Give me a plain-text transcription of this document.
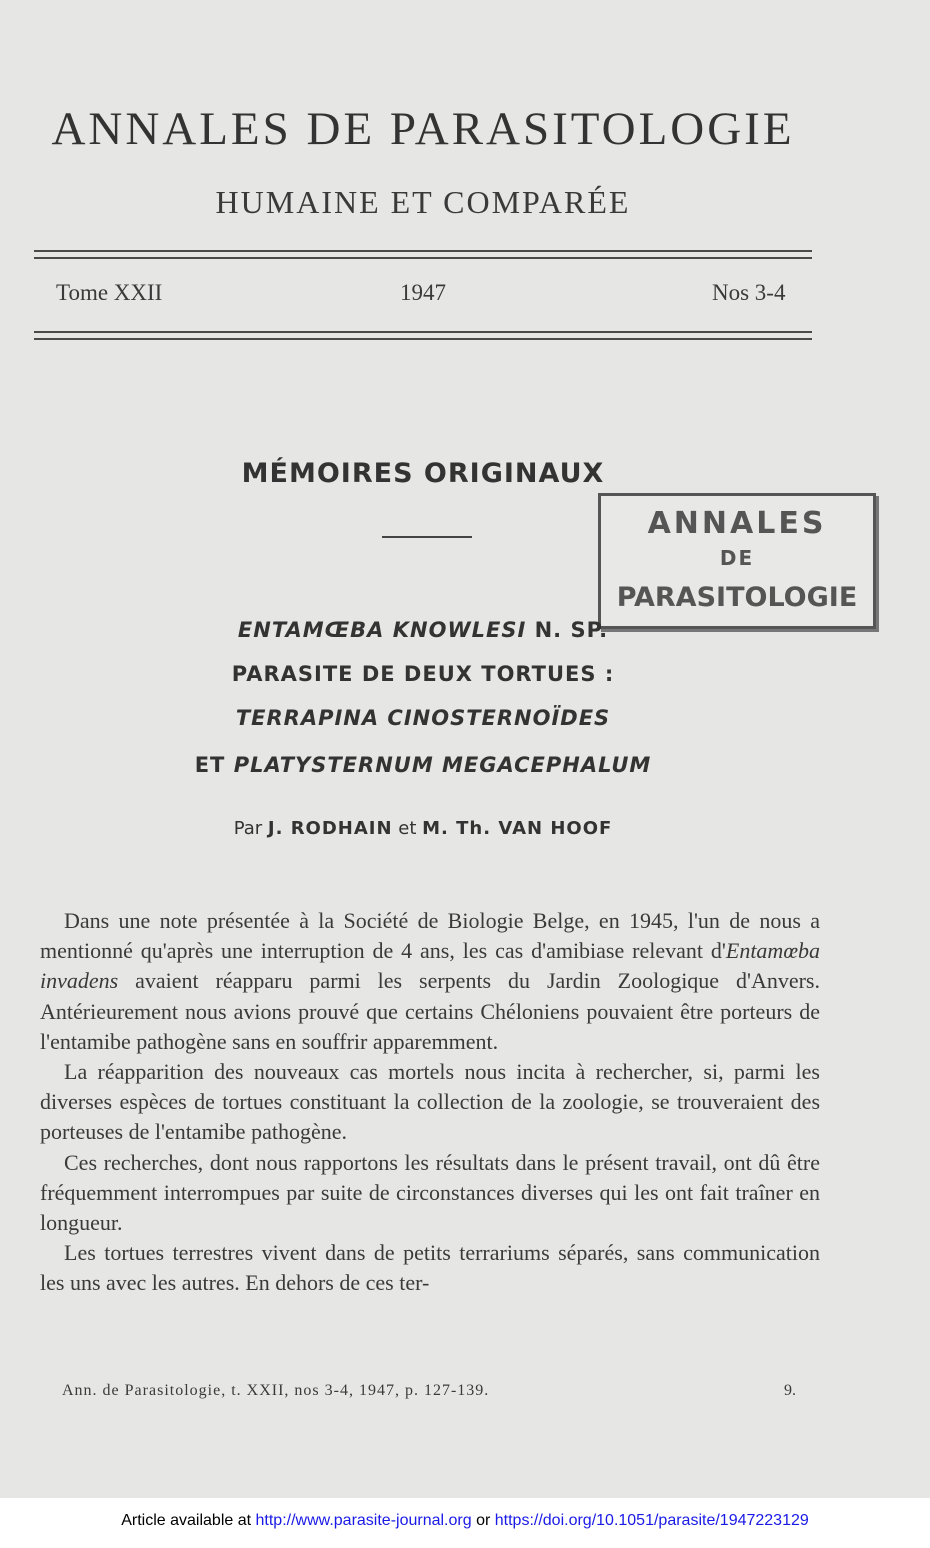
ANNALES DE PARASITOLOGIE
HUMAINE ET COMPARÉE
Tome XXII	1947	Nos 3-4
MÉMOIRES ORIGINAUX
ANNALES
DE
PARASITOLOGIE
ENTAMŒBA KNOWLESI N. SP.
PARASITE DE DEUX TORTUES :
TERRAPINA CINOSTERNOÏDES
ET PLATYSTERNUM MEGACEPHALUM
Par J. RODHAIN et M. Th. VAN HOOF

Dans une note présentée à la Société de Biologie Belge, en 1945, l'un de nous a mentionné qu'après une interruption de 4 ans, les cas d'amibiase relevant d'Entamœba invadens avaient réapparu parmi les serpents du Jardin Zoologique d'Anvers. Antérieurement nous avions prouvé que certains Chéloniens pouvaient être porteurs de l'entamibe pathogène sans en souffrir apparemment.

La réapparition des nouveaux cas mortels nous incita à rechercher, si, parmi les diverses espèces de tortues constituant la collection de la zoologie, se trouveraient des porteuses de l'entamibe pathogène.

Ces recherches, dont nous rapportons les résultats dans le présent travail, ont dû être fréquemment interrompues par suite de circonstances diverses qui les ont fait traîner en longueur.

Les tortues terrestres vivent dans de petits terrariums séparés, sans communication les uns avec les autres. En dehors de ces ter-

Ann. de Parasitologie, t. XXII, nos 3-4, 1947, p. 127-139.	9.
Article available at http://www.parasite-journal.org or https://doi.org/10.1051/parasite/1947223129
